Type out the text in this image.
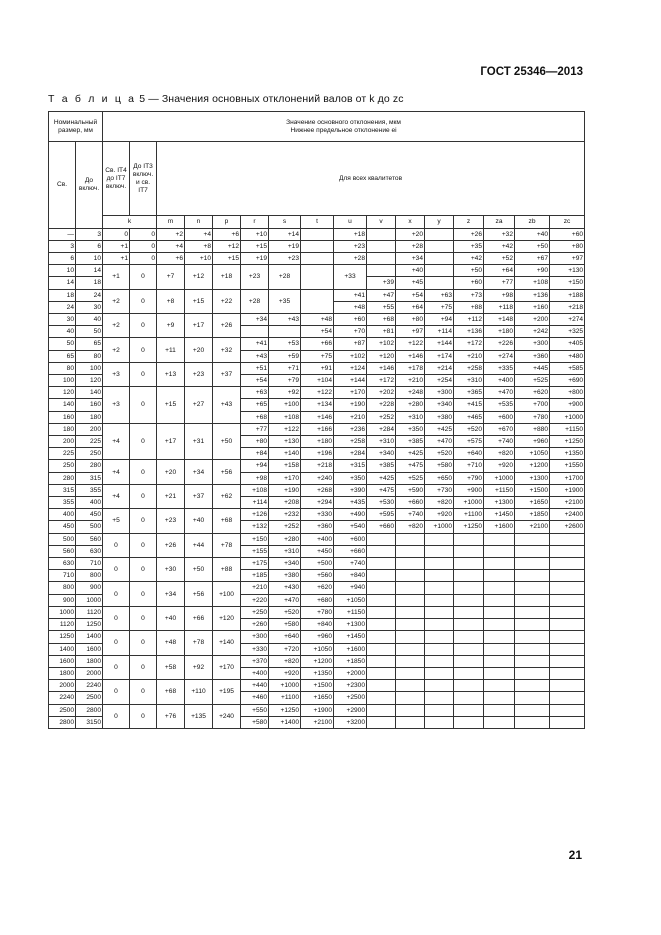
ГОСТ 25346—2013
Т а б л и ц а 5 — Значения основных отклонений валов от k до zc
Номинальный размер, мм		Значение основного отклонения, мкм
Нижнее предельное отклонение ei															

Св.	До включ.	Св. IT4 до IT7 включ.	До IT3 включ. и св. IT7	Для всех квалитетов													
		k		m	n	p	r	s	t	u	v	x	y	z	za	zb	zc
—	3	0	0	+2	+4	+6	+10	+14		+18		+20		+26	+32	+40	+60
3	6	+1	0	+4	+8	+12	+15	+19		+23		+28		+35	+42	+50	+80
6	10	+1	0	+6	+10	+15	+19	+23		+28		+34		+42	+52	+67	+97
10	14	+1	0	+7	+12	+18	+23	+28		+33		+40		+50	+64	+90	+130
14	18										+39	+45		+60	+77	+108	+150
18	24	+2	0	+8	+15	+22	+28	+35		+41	+47	+54	+63	+73	+98	+136	+188
24	30									+48	+55	+64	+75	+88	+118	+160	+218
30	40	+2	0	+9	+17	+26	+34	+43	+48	+60	+68	+80	+94	+112	+148	+200	+274
40	50								+54	+70	+81	+97	+114	+136	+180	+242	+325
50	65	+2	0	+11	+20	+32	+41	+53	+66	+87	+102	+122	+144	+172	+226	+300	+405
65	80						+43	+59	+75	+102	+120	+146	+174	+210	+274	+360	+480
80	100	+3	0	+13	+23	+37	+51	+71	+91	+124	+146	+178	+214	+258	+335	+445	+585
100	120						+54	+79	+104	+144	+172	+210	+254	+310	+400	+525	+690
120	140	+3	0	+15	+27	+43	+63	+92	+122	+170	+202	+248	+300	+365	+470	+620	+800
140	160						+65	+100	+134	+190	+228	+280	+340	+415	+535	+700	+900
160	180						+68	+108	+146	+210	+252	+310	+380	+465	+600	+780	+1000
180	200	+4	0	+17	+31	+50	+77	+122	+166	+236	+284	+350	+425	+520	+670	+880	+1150
200	225						+80	+130	+180	+258	+310	+385	+470	+575	+740	+960	+1250
225	250						+84	+140	+196	+284	+340	+425	+520	+640	+820	+1050	+1350
250	280	+4	0	+20	+34	+56	+94	+158	+218	+315	+385	+475	+580	+710	+920	+1200	+1550
280	315						+98	+170	+240	+350	+425	+525	+650	+790	+1000	+1300	+1700
315	355	+4	0	+21	+37	+62	+108	+190	+268	+390	+475	+590	+730	+900	+1150	+1500	+1900
355	400						+114	+208	+294	+435	+530	+660	+820	+1000	+1300	+1650	+2100
400	450	+5	0	+23	+40	+68	+126	+232	+330	+490	+595	+740	+920	+1100	+1450	+1850	+2400
450	500						+132	+252	+360	+540	+660	+820	+1000	+1250	+1600	+2100	+2600
500	560	0	0	+26	+44	+78	+150	+280	+400	+600							
560	630						+155	+310	+450	+660							
630	710	0	0	+30	+50	+88	+175	+340	+500	+740							
710	800						+185	+380	+560	+840							
800	900	0	0	+34	+56	+100	+210	+430	+620	+940							
900	1000						+220	+470	+680	+1050							
1000	1120	0	0	+40	+66	+120	+250	+520	+780	+1150							
1120	1250						+260	+580	+840	+1300							
1250	1400	0	0	+48	+78	+140	+300	+640	+960	+1450							
1400	1600						+330	+720	+1050	+1600							
1600	1800	0	0	+58	+92	+170	+370	+820	+1200	+1850							
1800	2000						+400	+920	+1350	+2000							
2000	2240	0	0	+68	+110	+195	+440	+1000	+1500	+2300							
2240	2500						+460	+1100	+1650	+2500							
2500	2800	0	0	+76	+135	+240	+550	+1250	+1900	+2900							
2800	3150						+580	+1400	+2100	+3200							
21
